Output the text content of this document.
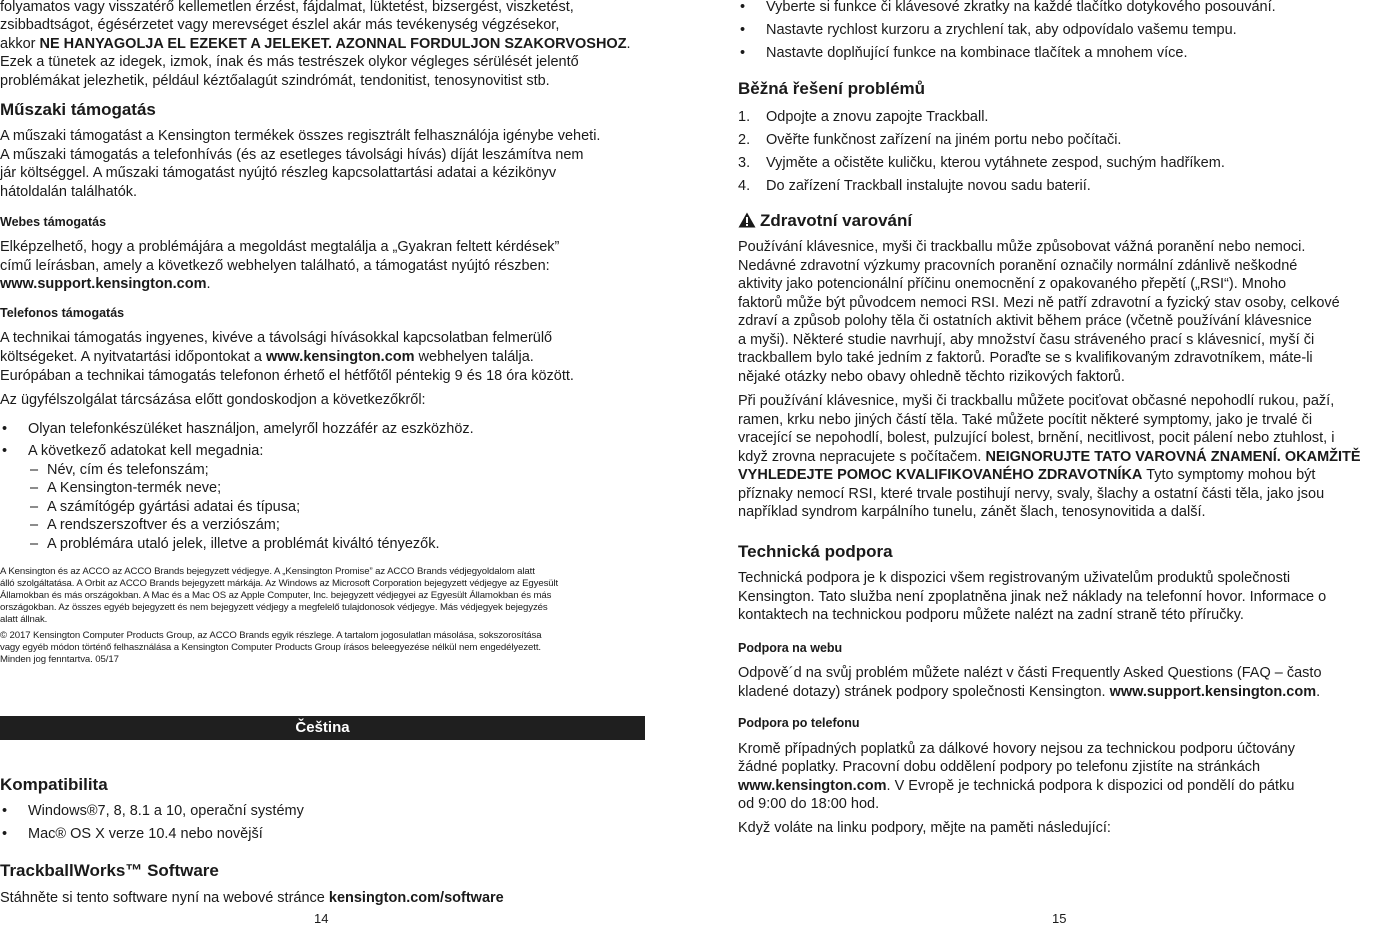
folyamatos vagy visszatérő kellemetlen érzést, fájdalmat, lüktetést, bizsergést, viszketést,

zsibbadtságot, égésérzetet vagy merevséget észlel akár más tevékenység végzésekor,

akkor NE HANYAGOLJA EL EZEKET A JELEKET. AZONNAL FORDULJON SZAKORVOSHOZ.

Ezek a tünetek az idegek, izmok, ínak és más testrészek olykor végleges sérülését jelentő

problémákat jelezhetik, például kéztőalagút szindrómát, tendonitist, tenosynovitist stb.

Műszaki támogatás

A műszaki támogatást a Kensington termékek összes regisztrált felhasználója igénybe veheti.

A műszaki támogatás a telefonhívás (és az esetleges távolsági hívás) díját leszámítva nem

jár költséggel. A műszaki támogatást nyújtó részleg kapcsolattartási adatai a kézikönyv

hátoldalán találhatók.

Webes támogatás

Elképzelhető, hogy a problémájára a megoldást megtalálja a „Gyakran feltett kérdések”

című leírásban, amely a következő webhelyen található, a támogatást nyújtó részben:

www.support.kensington.com.

Telefonos támogatás

A technikai támogatás ingyenes, kivéve a távolsági hívásokkal kapcsolatban felmerülő

költségeket. A nyitvatartási időpontokat a www.kensington.com webhelyen találja.

Európában a technikai támogatás telefonon érhető el hétfőtől péntekig 9 és 18 óra között.

Az ügyfélszolgálat tárcsázása előtt gondoskodjon a következőkről:

• Olyan telefonkészüléket használjon, amelyről hozzáfér az eszközhöz.
• A következő adatokat kell megadnia:
– Név, cím és telefonszám;
– A Kensington-termék neve;
– A számítógép gyártási adatai és típusa;
– A rendszerszoftver és a verziószám;
– A problémára utaló jelek, illetve a problémát kiváltó tényezők.

A Kensington és az ACCO az ACCO Brands bejegyzett védjegye. A „Kensington Promise” az ACCO Brands védjegyoldalom alatt

álló szolgáltatása. A Orbit az ACCO Brands bejegyzett márkája. Az Windows az Microsoft Corporation bejegyzett védjegye az Egyesült

Államokban és más országokban. A Mac és a Mac OS az Apple Computer, Inc. bejegyzett védjegyei az Egyesült Államokban és más

országokban. Az összes egyéb bejegyzett és nem bejegyzett védjegy a megfelelő tulajdonosok védjegye. Más védjegyek bejegyzés

alatt állnak.

© 2017 Kensington Computer Products Group, az ACCO Brands egyik részlege. A tartalom jogosulatlan másolása, sokszorosítása

vagy egyéb módon történő felhasználása a Kensington Computer Products Group írásos beleegyezése nélkül nem engedélyezett.

Minden jog fenntartva. 05/17

Čeština
Kompatibilita
• Windows®7, 8, 8.1 a 10, operační systémy
• Mac® OS X verze 10.4 nebo novější
TrackballWorks™ Software

Stáhněte si tento software nyní na webové stránce kensington.com/software

14
• Vyberte si funkce či klávesové zkratky na každé tlačítko dotykového posouvání.
• Nastavte rychlost kurzoru a zrychlení tak, aby odpovídalo vašemu tempu.
• Nastavte doplňující funkce na kombinace tlačítek a mnohem více.
Běžná řešení problémů
1. Odpojte a znovu zapojte Trackball.
2. Ověřte funkčnost zařízení na jiném portu nebo počítači.
3. Vyjměte a očistěte kuličku, kterou vytáhnete zespod, suchým hadříkem.
4. Do zařízení Trackball instalujte novou sadu baterií.
Zdravotní varování

Používání klávesnice, myši či trackballu může způsobovat vážná poranění nebo nemoci.

Nedávné zdravotní výzkumy pracovních poranění označily normální zdánlivě neškodné

aktivity jako potencionální příčinu onemocnění z opakovaného přepětí („RSI“). Mnoho

faktorů může být původcem nemoci RSI. Mezi ně patří zdravotní a fyzický stav osoby, celkové

zdraví a způsob polohy těla či ostatních aktivit během práce (včetně používání klávesnice

a myši). Některé studie navrhují, aby množství času stráveného prací s klávesnicí, myší či

trackballem bylo také jedním z faktorů. Poraďte se s kvalifikovaným zdravotníkem, máte-li

nějaké otázky nebo obavy ohledně těchto rizikových faktorů.

Při používání klávesnice, myši či trackballu můžete pociťovat občasné nepohodlí rukou, paží,

ramen, krku nebo jiných částí těla. Také můžete pocítit některé symptomy, jako je trvalé či

vracející se nepohodlí, bolest, pulzující bolest, brnění, necitlivost, pocit pálení nebo ztuhlost, i

když zrovna nepracujete s počítačem. NEIGNORUJTE TATO VAROVNÁ ZNAMENÍ. OKAMŽITĚ

VYHLEDEJTE POMOC KVALIFIKOVANÉHO ZDRAVOTNÍKA Tyto symptomy mohou být

příznaky nemocí RSI, které trvale postihují nervy, svaly, šlachy a ostatní části těla, jako jsou

například syndrom karpálního tunelu, zánět šlach, tenosynovitida a další.

Technická podpora

Technická podpora je k dispozici všem registrovaným uživatelům produktů společnosti

Kensington. Tato služba není zpoplatněna jinak než náklady na telefonní hovor. Informace o

kontaktech na technickou podporu můžete nalézt na zadní straně této příručky.

Podpora na webu

Odpově´d na svůj problém můžete nalézt v části Frequently Asked Questions (FAQ – často

kladené dotazy) stránek podpory společnosti Kensington. www.support.kensington.com.

Podpora po telefonu

Kromě případných poplatků za dálkové hovory nejsou za technickou podporu účtovány

žádné poplatky. Pracovní dobu oddělení podpory po telefonu zjistíte na stránkách

www.kensington.com. V Evropě je technická podpora k dispozici od pondělí do pátku

od 9:00 do 18:00 hod.

Když voláte na linku podpory, mějte na paměti následující:

15
